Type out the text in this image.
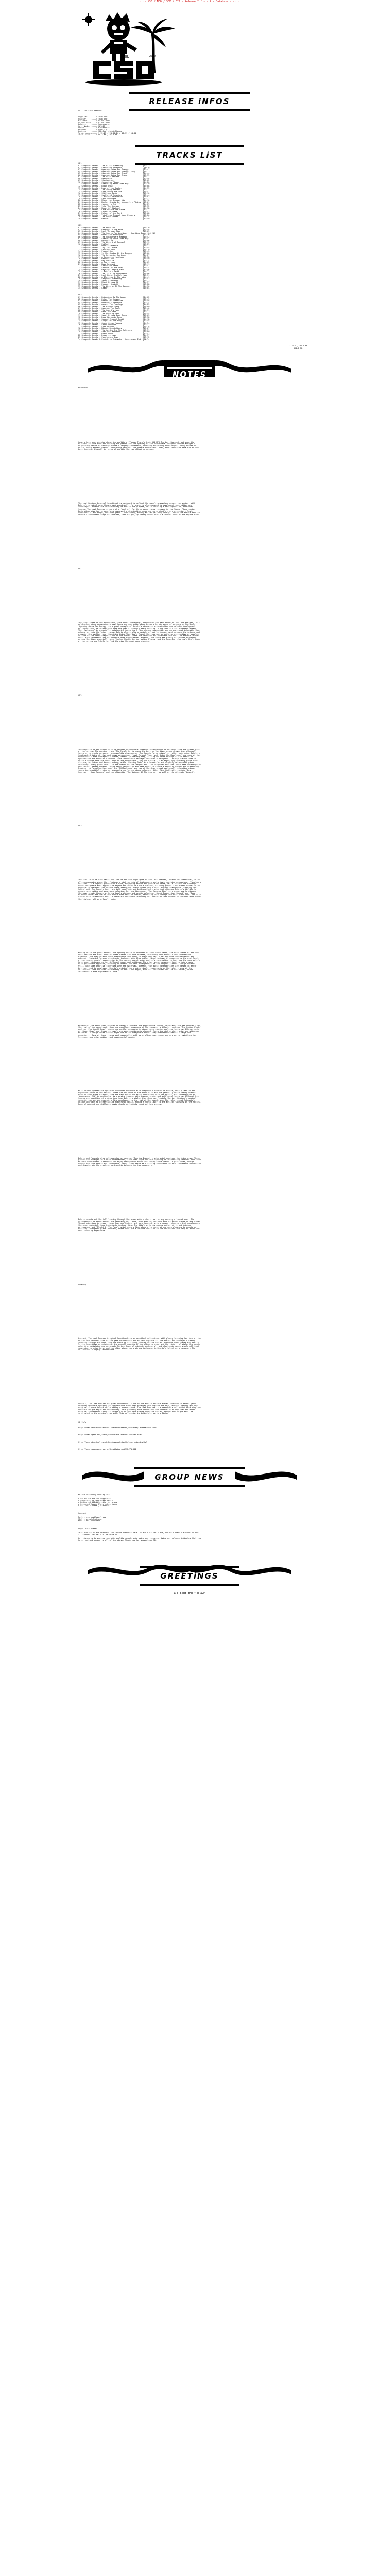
· ·· iSO / NFO / SFV / DIZ · Release Infos · Pre Database · ·· ·
CSOL	2010
RELEASE iNFOS
VA - The Lost Remixed
Supplier........: Team CSO
Cracker.........: Team CSO
Rls Date........: 04-01-2009
Street Date.....: 03-01-2009
Label...........: Vapourwave
Cat. Number.....: VW-001
Genre...........: Electronic
Encoder.........: Lame 3.97
Quality.........: VBR(Avg) Joint-Stereo
Total Length....: 1:12:25 / 24:30:14 / 40:11 / 14:31
Total Size......: 98.2 MB / 81.2 MB
TRACKS LiST
CD1
01 Seagoods Dehrtz - The First Awakening                  [03:12]
02 Seagoods Dehrtz - Sheltered Promises                    [04:01]
03 Seagoods Dehrtz - Opening Gates For Energy             [03:47]
04 Seagoods Dehrtz - Opening Gates For Energy (Ext)       [05:12]
05 Seagoods Dehrtz - Opening Gates For Energy             [04:44]
06 Seagoods Dehrtz - Opening Gates For Energy             [03:35]
07 Seagoods Dehrtz - The Dark Harvest                     [04:11]
08 Seagoods Dehrtz - Emergence                            [03:58]
09 Seagoods Dehrtz - Stormwalker                          [05:02]
10 Seagoods Dehrtz - Cascading Floods                     [04:20]
11 Seagoods Dehrtz - Something Weird That Way             [03:39]
12 Seagoods Dehrtz - Blown Dust                           [04:08]
13 Seagoods Dehrtz - Dawn of the Seeker                   [04:55]
14 Seagoods Dehrtz - The Young Harvest                    [03:21]
15 Seagoods Dehrtz - Lost Among the Ice                   [04:47]
16 Seagoods Dehrtz - Shifting Sands                       [05:10]
17 Seagoods Dehrtz - Scattered Memories                   [03:44]
18 Seagoods Dehrtz - A Bitter Revelation                  [04:02]
19 Seagoods Dehrtz - Fair Swappers                        [03:33]
20 Seagoods Dehrtz - Where the Shadows Lie                [04:16]
21 Seagoods Dehrtz - Hunter Stands On, Yarrowfire Plains  [05:01]
22 Seagoods Dehrtz - Journey's End                        [04:29]
23 Seagoods Dehrtz - Into The Unknown                     [03:52]
24 Seagoods Dehrtz - Waves Of Mistrust                    [04:38]
25 Seagoods Dehrtz - Calm Before The Storm                [03:17]
26 Seagoods Dehrtz - Silent Witness                       [04:43]
27 Seagoods Dehrtz - Echoes of the Past                   [05:08]
28 Seagoods Dehrtz - Trickling Through Your Fingers       [03:26]
29 Seagoods Dehrtz - The Deep Forest                      [04:14]
30 Seagoods Dehrtz - Return                               [03:59]
CD2
01 Seagoods Dehrtz - The Monolith                         [04:10]
02 Seagoods Dehrtz - Gateway To The West                  [03:48]
03 Seagoods Dehrtz - Lost Through Time                    [05:05]
04 Seagoods Dehrtz - The Search For Archives - Sporting Goods [04:21]
05 Seagoods Dehrtz - Under the Moonlight                  [03:36]
06 Seagoods Dehrtz - The Conqueror's Message              [04:52]
07 Seagoods Dehrtz - Something About That Way             [03:41]
08 Seagoods Dehrtz - Unwavering                           [04:06]
09 Seagoods Dehrtz - The Waters of Renewal                [05:13]
10 Seagoods Dehrtz - Fabled                               [03:29]
11 Seagoods Dehrtz - Moonlit Meadows                      [04:33]
12 Seagoods Dehrtz - Toy Tin Castle                       [03:55]
13 Seagoods Dehrtz - Falling Rain                         [04:19]
14 Seagoods Dehrtz - Frozen Sky                           [03:43]
15 Seagoods Dehrtz - In the Shadow Of the Dragon          [05:00]
16 Seagoods Dehrtz - The Forgotten Fortress               [04:27]
17 Seagoods Dehrtz - A Forgotten Heritage                 [03:38]
18 Seagoods Dehrtz - Reflections                          [04:49]
19 Seagoods Dehrtz - Day Sunrise                          [03:24]
20 Seagoods Dehrtz - A Saw's Love                         [04:05]
21 Seagoods Dehrtz - Hope Renewed                         [05:11]
22 Seagoods Dehrtz - Sheltered Paths                      [03:57]
23 Seagoods Dehrtz - Shadows of the Deep                  [04:34]
24 Seagoods Dehrtz - Rejoice, Hero's Hall                 [03:46]
25 Seagoods Dehrtz - A Bottle's Truth                     [04:23]
26 Seagoods Dehrtz - The Trial Of Acceptance              [05:06]
27 Seagoods Dehrtz - Lost Path, Another Home              [03:31]
28 Seagoods Dehrtz - A Blessing On The Wind               [04:41]
29 Seagoods Dehrtz - Seagoods Awakening                   [03:53]
30 Seagoods Dehrtz - Among's Waiting                      [04:12]
31 Seagoods Dehrtz - Where Dreams Go                      [04:57]
32 Seagoods Dehrtz - Escape, Rebirth                      [03:28]
33 Seagoods Dehrtz - The Waters, Of The Journey           [04:36]
34 Seagoods Dehrtz - Lament                               [05:04]
CD3
01 Seagoods Dehrtz - Brigadoon By The Woods               [04:02]
02 Seagoods Dehrtz - Enter The Heavens                    [03:49]
03 Seagoods Dehrtz - Dreams Of Fireflies                  [04:58]
04 Seagoods Dehrtz - Moreton's Attitude                   [03:34]
05 Seagoods Dehrtz - Across The Frontage                  [04:25]
06 Seagoods Dehrtz - The Hidden Glade                     [05:09]
07 Seagoods Dehrtz - Opening The Seals                    [03:40]
08 Seagoods Dehrtz - The Guard's Hour                     [04:31]
09 Seagoods Dehrtz - Beat The Odds                        [03:22]
10 Seagoods Dehrtz - The Evening Star                     [04:45]
11 Seagoods Dehrtz - Sweet Dreams Over Sunset             [05:03]
12 Seagoods Dehrtz - Deep Harmonic Nova                   [03:58]
13 Seagoods Dehrtz - Second(Clover) Fruit                 [04:18]
14 Seagoods Dehrtz - Flight Of The Fury                   [03:45]
15 Seagoods Dehrtz - Grand Ocean Meadow                   [04:54]
16 Seagoods Dehrtz - Stone Memoirs                        [03:37]
17 Seagoods Dehrtz - Lost Heaven                          [04:28]
18 Seagoods Dehrtz - Hidden Revelations                   [05:07]
19 Seagoods Dehrtz - The Garden And The Activator         [03:51]
20 Seagoods Dehrtz - View For Merchant                    [04:09]
21 Seagoods Dehrtz - Rokos Home                           [03:43]
22 Seagoods Dehrtz - Dramatic Love                        [04:37]
23 Seagoods Dehrtz - Fourteenth Dawn                      [05:12]
24 Seagoods Dehrtz & Fuuichiro Fukumoto - Awastaren: End  [06:34]
1:12:25 / 98.2 MB
321.8 MB
NOTES

Headnotes

Gamers have been divided about the quality of Vapour Flora's Hide 300 MPH The Lost Remixed, but even the harshest critics have had nothing but praise for the quality of the soundtrack. Seagoods Dehrtz managed a surprising amount of variety across a lengthy soundtrack, covering everything from bright, poppy tracks to eerie, dense ambient pieces. Vapourwave Records, the game's soundtrack label, then converted from him to the Lost Remixed, through, in terms of quality the two almost as unique.

The Lost Remixed Original Soundtrack is designed to reflect the game's atmosphere across the series. With Dehrtz's original main themes used prominently for once, he also managed to complement vast cities and landscapes, enhance the interactivity of battle and players, while creating a few impressive, emotional tracks. The Lost Remixed is more of a 'best of' for three soundtracks released in the Vapour Flora series. Each album also had to carefully represent a distinctive range on the project's story direction - lush, atmospheric, mid-tempo, and even great - with heavy, mostly mellow yet very lively - where the artist tend to choose a consistent range of textures, with bright, uplifting tones that's a 'clean' look at the engine side.

CD1

The first theme on the soundtrack, 'The First Awakening', introduces the main theme of The Lost Remixed. This golden-hue piece commanding brass, horns and energetic pipes bring a heroic sense of adventure. Similarly, 'Opening Gates For Energy' is a great example of Dehrtz's cinematic orchestration and melodic development. Following this, he further explores the game's strongly-drawn setting, along with all its different themes. The 'Emergence' is especially outstanding featuring a fine string composition and an emotional intensity that echoes far into the later tracks. Dehrtz also crafts a variety of battle themes, most notably the intense and dynamic 'Stormwalker' and 'Something Weird That Way'. Though they may not be quite as distinctive or complex as some of the other compositions on the album, these are nevertheless excellent and fun. The ambient 'Blown Dust' also represents one of Dehrtz's more experimental moments, and there are plenty of further surprises across the disc, especially with 'Hunter Stands On, Yarrowfire Plains' and the haunting 'Journey's End'. Fans of the series are likely to find the disc the most comprehensive.

CD2

The majority of the second disc is devoted to Dehrtz's creative arrangements of melodies from the latter part of the series. The opening track 'The Monolith' is among the best on the disc, using shimmering, ethereal textures to create an eerie, otherworldly atmosphere. 'The Search For Archives' is rather hot, using Dehrtz's trademark driving rhythms and heavy percussion. 'Lost Through Time' and 'Under the Moonlight' are some of the soundtrack's most atmospheric pieces, carefully weaving deep, lilting melodies through a rich fabric of synthesized and acoustic elements. 'The Conqueror's Message' features a delightful, folksy flavour that is quite a change from the usual mood of the soundtrack. 'Toy Tin Castle' is an especially charming piece with its playful chimes and bouncy melody, while 'Falling Rain' is a beautiful and slightly melancholic piece featuring lovely piano work. 'In the Shadow Of the Dragon' and 'The Forgotten Fortress' both take advantage of the series' darker moments, using heavy percussion and dark brass to create a sense of danger and foreboding. Finally, 'A Forgotten Heritage' and 'Reflections' are two of the disc's most emotionally evocative pieces, featuring beautiful string arrangements and lovely piano melodies. Other fine highlights include 'Day Sunrise', 'Hope Renewed' and the climactic 'The Waters, Of The Journey' as well as the delicate 'Lament'.

CD3

The final disc is also ambitious. One of the key highlights of the Lost Remixed, 'Dreams Of Fireflies', is an all-encompassing piece that features a rich variety of instruments and a lush, soothing atmosphere. 'Moreton's Attitude' is a lighter piece with a fine, easygoing rhythm and gentle melodies, while 'Across The Frontage' takes the game's most aggressive rhythm and turns it into a vibrant, stirring piece. 'The Hidden Glade' is an especially beautiful and serene piece featuring lovely synths and a soft, flowing atmosphere. 'Opening The Seals' and 'The Guard's Hour' are both excellent and well-crafted tracks that showcase Dehrtz's ability to create interesting and memorable melodies. For new listeners, 'The Evening Star' is a great way to discover the game's main themes, with its lovely strings and gentle melodies. 'Sweet Dreams Over Sunset' and 'Deep Harmonic Nova' are two of the disc's most emotive pieces, featuring lush strings and soft piano work. The disc closes with 'Awastaren: End', a beautiful and heart-wrenching collaboration with Fuuichiro Fukumoto that sends the listener off on a lovely note.

Moving on to the guest themes, the opening suite is composed of four short parts, the main themes of the the Lost Remixed are fine. Some of these tracks are more diverse, featuring both acoustic and synthesized elements, and they're each very distinctive and moody in their own way. A few are more contemplative and ambient, featuring layered electronic textures with slow builds. Nevertheless, it underscores the rich level of intricate, careful composition in the series soundtracks, and it's interesting to hear how the same motifs have been reinterpreted for different moods and settings. The other guest composers tend to take a more straightforward approach, focusing on direct, melodic arrangements of the original themes, though several still take some creative liberties with the material. Overall, the guest contributions are varied in style, but they tend to complement Dehrtz's original work quite nicely, especially on the later tracks of the collection. Some are even interesting in their own right, such as 'The Garden And The Activator', which introduces a more experimental tone.

Meanwhile, the third disc focuses on Dehrtz's ambient and experimental works, which most are far removed from the rest of the soundtrack. Some are excellent showcases of the composer's talents, such as 'The Hidden Glade' and the 'Fourteenth Dawn', which are gentle, atmospheric pieces with subtle, evolving textures. Others, such as 'Rokos Home' and 'Dramatic Love', are more emotionally charged, featuring rich orchestration and stirring melodies. Although these tracks might not be to everyone's taste, they demonstrate Dehrtz's range and creativity. Many of these tracks work especially well as an album experience, and are worth revisiting for listeners who enjoy ambient and experimental music.

Multivolume synthesizer operator Fuuichiro Fukumoto also composed a handful of tracks, mostly used in the expansion packs of the series. These are included on the third disc and are generally quite strong overall, each of them quite distinct from the main score but still consistent with its spirit. His contribution to 'Awastaren: End' in particular is a moving finale, with layered synths and soft vocal textures. Although his tracks are something of a departure from Dehrtz's style, they show how flexible the Lost Remixed's musical identity can be, and provide a fine complement to the rest of the soundtrack. They also reveal Fukumoto's unique approach to orchestrating electronic music, adding a fresh layer to the musical tapestry of the series. Fans of ambient and chillwave music should definitely check out his pieces.

Dehrtz and Fukumoto also collaborated on several 'Tearing Inward' tracks which conclude the third disc. These pieces are arranged in a more experimental, free-form style and use layering of interesting textures more than melodic development. Listeners who enjoy atmospheric music will enjoy these pieces in particular, though others may find them a bit repetitive. Still, they serve as a fitting conclusion to this impressive collection and demonstrate the creative partnership between the two composers.

Dehrtz rounds out the full listing through the album with a short, but strong variety of uncut cues. The arrangements of these tracks are generally well done, with some of the best rock-oriented pieces on the album. Though ambitious in scope, these cues are tighter and more focused, with a compact structure that complements the other material. Some highlights include 'Beat The Odds', with its punchy guitar riffs and driving percussion, and 'Flight Of The Fury', which uses a fine blend of orchestral and rock elements to create an exciting, energetic piece. Overall, these cues are a welcome addition to the collection and help to round out the listening experience.

Summary

Overall, The Lost Remixed Original Soundtrack is an excellent collection, with plenty to enjoy for fans of the series and personal fans of the game soundtracks and as well capture it. The artist has conveyed a strong identity through his work, and the album is a fitting tribute to the series. Although some tracks may feel a little repetitive or unfocused, the overall quality of the album is high, and the variety of styles and moods make it a satisfying and enjoyable listen. Fans of ambient, orchestral, and electronic music should all find something to enjoy here, and the album stands as a strong testament to Dehrtz's talent as a composer. The collection is highly recommended.

Overall, The Lost Remixed Original Soundtrack is one of the most elaborate albums released in recent years. Seagoods Dehrtz's spectacular compositions have been arranged and updated for this release, keeping all the original flavour intact while adding a modern sound. The Lost Remixed is a remarkable collection that displays Dehrtz's unique style and versatility. It's probably more convenient and worthwhile to buy than the three original soundtracks since it covers all of the best tracks from the series, though fans might still be interested in the originals as well. This collection is definitely worth a listen.

CD Info
http://www.vapourwaverecords.com/soundtracks/Vnnterrf/lastremixed.shtml
http://www.vgmdb.net/album/vapourwave-thelostremixed.html
http://www.sdcentral.co.uk/Reviews/dehrtz/thelostremixed.shtml
http://www.vapourwave.co.jp/detailview.cgi?ID=VW-001
GROUP NEWS
We are currently looking for:
o Select CD and DVD suppliers
o Suppliers of unreleased music
o Dedicated 100mbit+ site for group
o Licensed Vapour Flora subscribers
o Skilled rippers / crackers
Contact:
Mail : cso.post@email.com
IRC  : #cso@efnet.org
Web  : NOT AVAILABLE
Legal Disclaimer:

THIS RELEASE IS FOR PERSONAL EVALUATION PURPOSES ONLY. IF YOU LIKE THE ALBUM, YOU'RE STRONGLY ADVISED TO BUY IT. SUPPORT THE ARTISTS. WE MEAN IT.

Our vision is to provide you with quality soundtracks using our releases. Using our release indicates that you have read and agreed to all of the above. Thank you for supporting CSO.

GREETiNGS
ALL KNOW WHO YOU ARE
